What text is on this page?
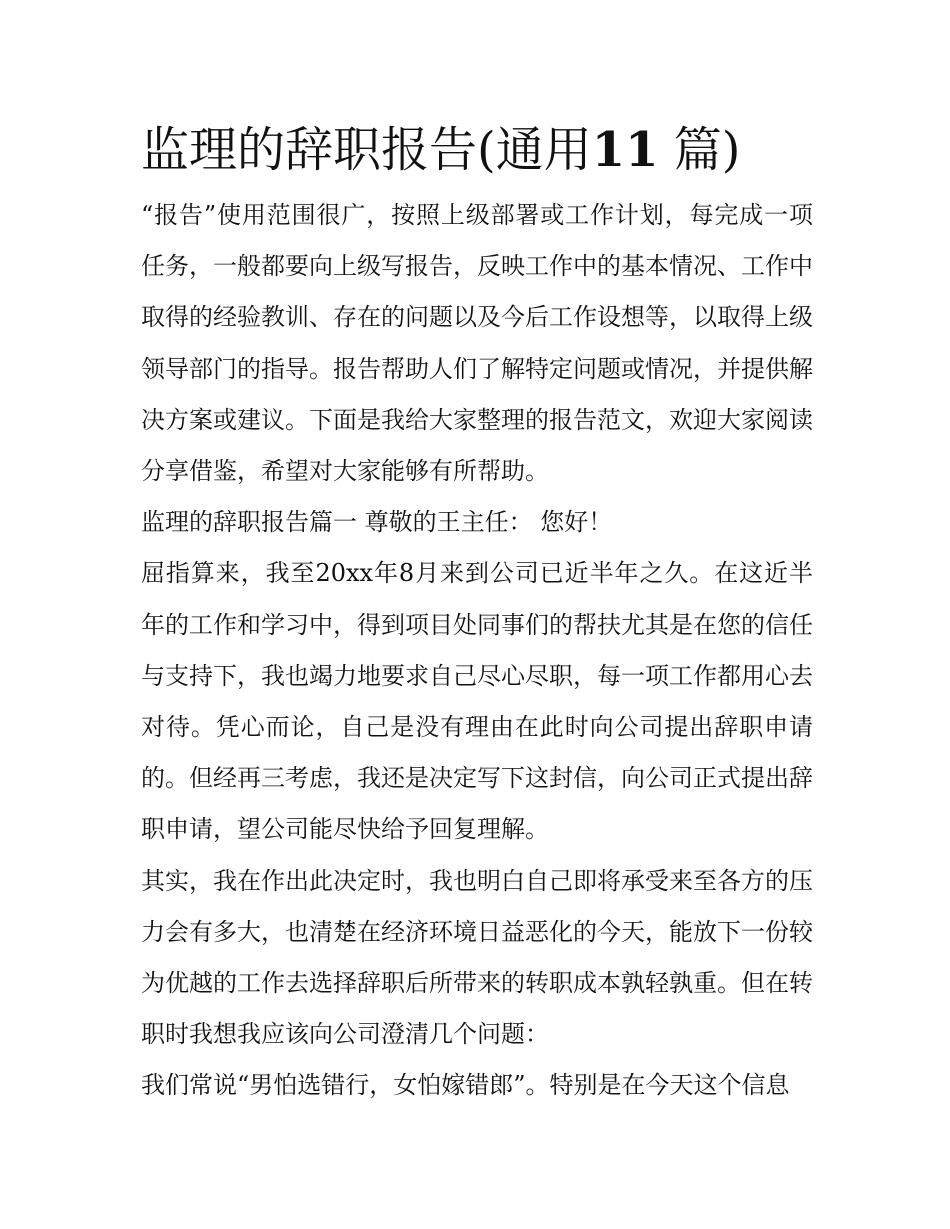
监理的辞职报告(通用11 篇)

“报告”使用范围很广，按照上级部署或工作计划，每完成一项任务，一般都要向上级写报告，反映工作中的基本情况、工作中取得的经验教训、存在的问题以及今后工作设想等，以取得上级领导部门的指导。报告帮助人们了解特定问题或情况，并提供解决方案或建议。下面是我给大家整理的报告范文，欢迎大家阅读分享借鉴，希望对大家能够有所帮助。

监理的辞职报告篇一 尊敬的王主任： 您好！

屈指算来，我至20xx年8月来到公司已近半年之久。在这近半年的工作和学习中，得到项目处同事们的帮扶尤其是在您的信任与支持下，我也竭力地要求自己尽心尽职，每一项工作都用心去对待。凭心而论，自己是没有理由在此时向公司提出辞职申请的。但经再三考虑，我还是决定写下这封信，向公司正式提出辞职申请，望公司能尽快给予回复理解。

其实，我在作出此决定时，我也明白自己即将承受来至各方的压力会有多大，也清楚在经济环境日益恶化的今天，能放下一份较为优越的工作去选择辞职后所带来的转职成本孰轻孰重。但在转职时我想我应该向公司澄清几个问题：

我们常说“男怕选错行，女怕嫁错郎”。特别是在今天这个信息
